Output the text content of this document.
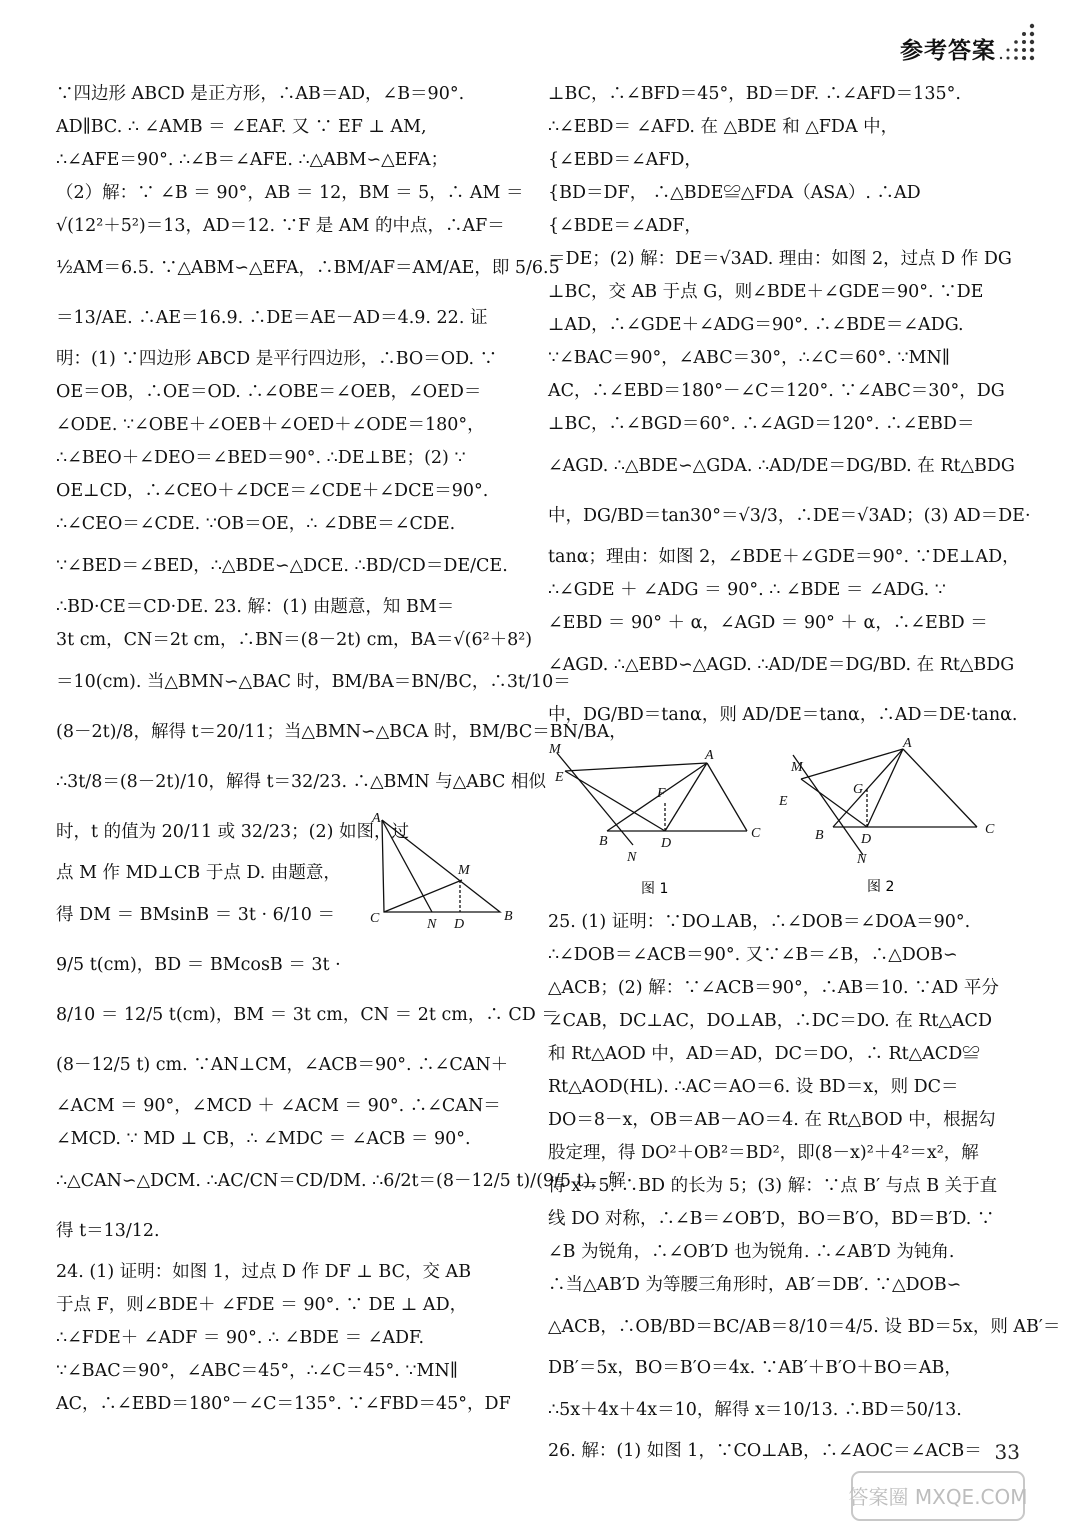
参考答案

∵四边形 ABCD 是正方形，∴AB＝AD，∠B＝90°.

AD∥BC. ∴ ∠AMB ＝ ∠EAF. 又 ∵ EF ⊥ AM,

∴∠AFE＝90°. ∴∠B＝∠AFE. ∴△ABM∽△EFA；

（2）解：∵ ∠B ＝ 90°，AB ＝ 12，BM ＝ 5，∴ AM ＝

√(12²＋5²)＝13，AD＝12. ∵F 是 AM 的中点，∴AF＝

½AM＝6.5. ∵△ABM∽△EFA，∴BM/AF＝AM/AE，即 5/6.5

＝13/AE. ∴AE＝16.9. ∴DE＝AE－AD＝4.9. 22. 证

明：(1) ∵四边形 ABCD 是平行四边形，∴BO＝OD. ∵

OE＝OB，∴OE＝OD. ∴∠OBE＝∠OEB，∠OED＝

∠ODE. ∵∠OBE＋∠OEB＋∠OED＋∠ODE＝180°，

∴∠BEO＋∠DEO＝∠BED＝90°. ∴DE⊥BE；(2) ∵

OE⊥CD，∴∠CEO＋∠DCE＝∠CDE＋∠DCE＝90°.

∴∠CEO＝∠CDE. ∵OB＝OE，∴ ∠DBE＝∠CDE.

∵∠BED＝∠BED，∴△BDE∽△DCE. ∴BD/CD＝DE/CE.

∴BD·CE＝CD·DE. 23. 解：(1) 由题意，知 BM＝

3t cm，CN＝2t cm，∴BN＝(8－2t) cm，BA＝√(6²＋8²)

＝10(cm). 当△BMN∽△BAC 时，BM/BA＝BN/BC，∴3t/10＝

(8－2t)/8，解得 t＝20/11；当△BMN∽△BCA 时，BM/BC＝BN/BA，

∴3t/8＝(8－2t)/10，解得 t＝32/23. ∴△BMN 与△ABC 相似

时，t 的值为 20/11 或 32/23；(2) 如图，过

点 M 作 MD⊥CB 于点 D. 由题意，

得 DM ＝ BMsinB ＝ 3t · 6/10 ＝

9/5 t(cm)，BD ＝ BMcosB ＝ 3t ·

8/10 ＝ 12/5 t(cm)，BM ＝ 3t cm，CN ＝ 2t cm，∴ CD ＝

(8－12/5 t) cm. ∵AN⊥CM，∠ACB＝90°. ∴∠CAN＋

∠ACM ＝ 90°，∠MCD ＋ ∠ACM ＝ 90°. ∴∠CAN＝

∠MCD. ∵ MD ⊥ CB，∴ ∠MDC ＝ ∠ACB ＝ 90°.

∴△CAN∽△DCM. ∴AC/CN＝CD/DM. ∴6/2t＝(8－12/5 t)/(9/5 t)，解

得 t＝13/12.

24. (1) 证明：如图 1，过点 D 作 DF ⊥ BC，交 AB

于点 F，则∠BDE＋ ∠FDE ＝ 90°. ∵ DE ⊥ AD，

∴∠FDE＋ ∠ADF ＝ 90°. ∴ ∠BDE ＝ ∠ADF.

∵∠BAC＝90°，∠ABC＝45°，∴∠C＝45°. ∵MN∥

AC，∴∠EBD＝180°－∠C＝135°. ∵∠FBD＝45°，DF

A
M
C	N D
B

⊥BC，∴∠BFD＝45°，BD＝DF. ∴∠AFD＝135°.

∴∠EBD＝ ∠AFD. 在 △BDE 和 △FDA 中，

{∠EBD＝∠AFD，

{BD＝DF， ∴△BDE≌△FDA（ASA）. ∴AD

{∠BDE＝∠ADF，

＝DE；(2) 解：DE＝√3AD. 理由：如图 2，过点 D 作 DG

⊥BC，交 AB 于点 G，则∠BDE＋∠GDE＝90°. ∵DE

⊥AD，∴∠GDE＋∠ADG＝90°. ∴∠BDE＝∠ADG.

∵∠BAC＝90°，∠ABC＝30°，∴∠C＝60°. ∵MN∥

AC，∴∠EBD＝180°－∠C＝120°. ∵∠ABC＝30°，DG

⊥BC，∴∠BGD＝60°. ∴∠AGD＝120°. ∴∠EBD＝

∠AGD. ∴△BDE∽△GDA. ∴AD/DE＝DG/BD. 在 Rt△BDG

中，DG/BD＝tan30°＝√3/3，∴DE＝√3AD；(3) AD＝DE·

tanα；理由：如图 2，∠BDE＋∠GDE＝90°. ∵DE⊥AD，

∴∠GDE ＋ ∠ADG ＝ 90°. ∴ ∠BDE ＝ ∠ADG. ∵

∠EBD ＝ 90° ＋ α，∠AGD ＝ 90° ＋ α，∴∠EBD ＝

∠AGD. ∴△EBD∽△AGD. ∴AD/DE＝DG/BD. 在 Rt△BDG

中，DG/BD＝tanα，则 AD/DE＝tanα，∴AD＝DE·tanα.

M
E
A
F
B	D
C
N
M
A
G
E
B	D
C
N
图 1	图 2

25. (1) 证明：∵DO⊥AB，∴∠DOB＝∠DOA＝90°.

∴∠DOB＝∠ACB＝90°. 又∵∠B＝∠B，∴△DOB∽

△ACB；(2) 解：∵∠ACB＝90°，∴AB＝10. ∵AD 平分

∠CAB，DC⊥AC，DO⊥AB，∴DC＝DO. 在 Rt△ACD

和 Rt△AOD 中，AD＝AD，DC＝DO，∴ Rt△ACD≌

Rt△AOD(HL). ∴AC＝AO＝6. 设 BD＝x，则 DC＝

DO＝8－x，OB＝AB－AO＝4. 在 Rt△BOD 中，根据勾

股定理，得 DO²＋OB²＝BD²，即(8－x)²＋4²＝x²，解

得 x＝5. ∴BD 的长为 5；(3) 解：∵点 B′ 与点 B 关于直

线 DO 对称，∴∠B＝∠OB′D，BO＝B′O，BD＝B′D. ∵

∠B 为锐角，∴∠OB′D 也为锐角. ∴∠AB′D 为钝角.

∴当△AB′D 为等腰三角形时，AB′＝DB′. ∵△DOB∽

△ACB，∴OB/BD＝BC/AB＝8/10＝4/5. 设 BD＝5x，则 AB′＝

DB′＝5x，BO＝B′O＝4x. ∵AB′＋B′O＋BO＝AB，

∴5x＋4x＋4x＝10，解得 x＝10/13. ∴BD＝50/13.

26. 解：(1) 如图 1，∵CO⊥AB，∴∠AOC＝∠ACB＝ 33
答案圈 MXQE.COM
